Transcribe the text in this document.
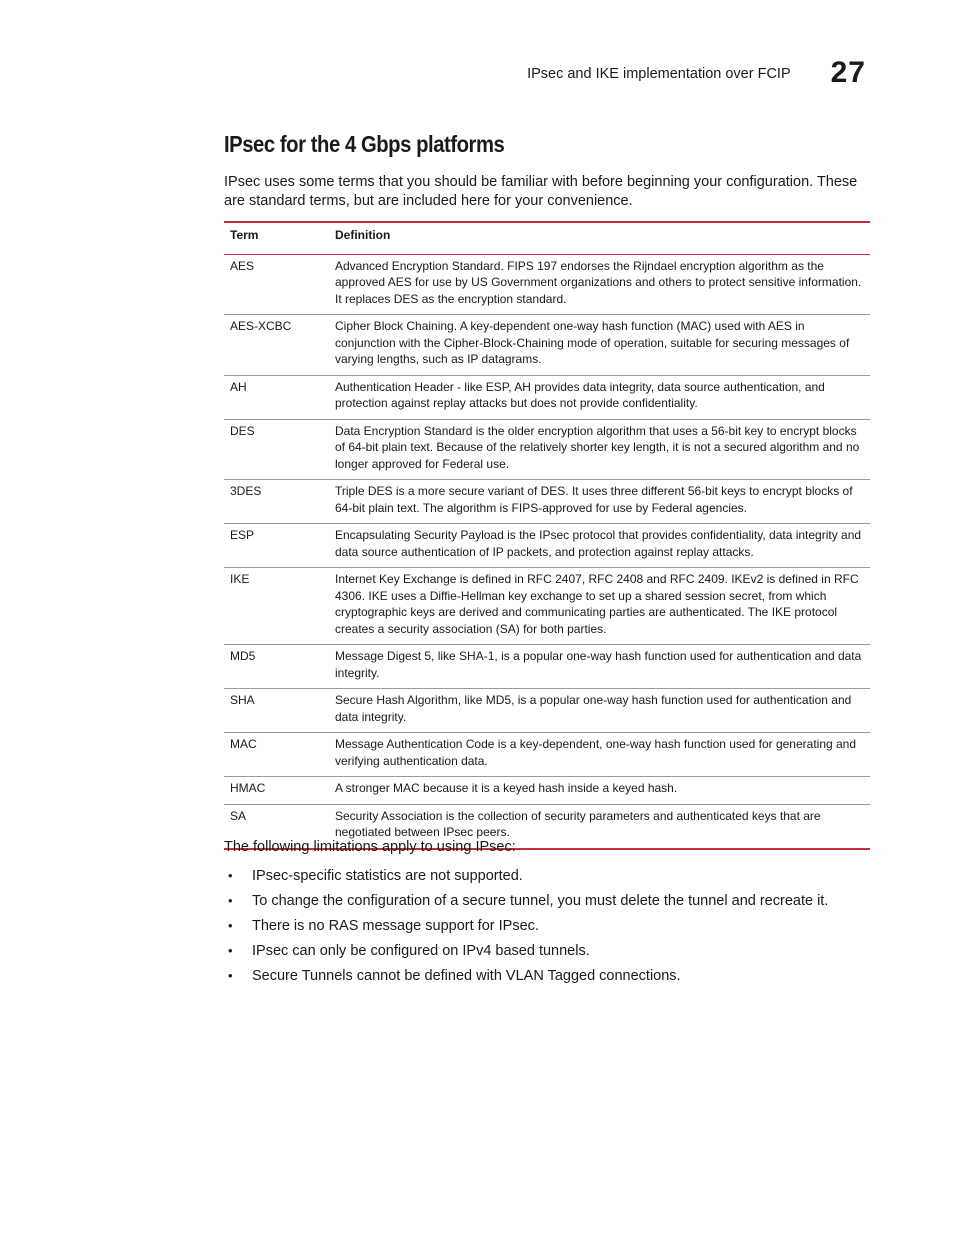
IPsec and IKE implementation over FCIP 27
IPsec for the 4 Gbps platforms

IPsec uses some terms that you should be familiar with before beginning your configuration. These are standard terms, but are included here for your convenience.

Term	Definition
AES	Advanced Encryption Standard. FIPS 197 endorses the Rijndael encryption algorithm as the approved AES for use by US Government organizations and others to protect sensitive information. It replaces DES as the encryption standard.
AES-XCBC	Cipher Block Chaining. A key-dependent one-way hash function (MAC) used with AES in conjunction with the Cipher-Block-Chaining mode of operation, suitable for securing messages of varying lengths, such as IP datagrams.
AH	Authentication Header - like ESP, AH provides data integrity, data source authentication, and protection against replay attacks but does not provide confidentiality.
DES	Data Encryption Standard is the older encryption algorithm that uses a 56-bit key to encrypt blocks of 64-bit plain text. Because of the relatively shorter key length, it is not a secured algorithm and no longer approved for Federal use.
3DES	Triple DES is a more secure variant of DES. It uses three different 56-bit keys to encrypt blocks of 64-bit plain text. The algorithm is FIPS-approved for use by Federal agencies.
ESP	Encapsulating Security Payload is the IPsec protocol that provides confidentiality, data integrity and data source authentication of IP packets, and protection against replay attacks.
IKE	Internet Key Exchange is defined in RFC 2407, RFC 2408 and RFC 2409. IKEv2 is defined in RFC 4306. IKE uses a Diffie-Hellman key exchange to set up a shared session secret, from which cryptographic keys are derived and communicating parties are authenticated. The IKE protocol creates a security association (SA) for both parties.
MD5	Message Digest 5, like SHA-1, is a popular one-way hash function used for authentication and data integrity.
SHA	Secure Hash Algorithm, like MD5, is a popular one-way hash function used for authentication and data integrity.
MAC	Message Authentication Code is a key-dependent, one-way hash function used for generating and verifying authentication data.
HMAC	A stronger MAC because it is a keyed hash inside a keyed hash.
SA	Security Association is the collection of security parameters and authenticated keys that are negotiated between IPsec peers.

The following limitations apply to using IPsec:

• IPsec-specific statistics are not supported.
• To change the configuration of a secure tunnel, you must delete the tunnel and recreate it.
• There is no RAS message support for IPsec.
• IPsec can only be configured on IPv4 based tunnels.
• Secure Tunnels cannot be defined with VLAN Tagged connections.
